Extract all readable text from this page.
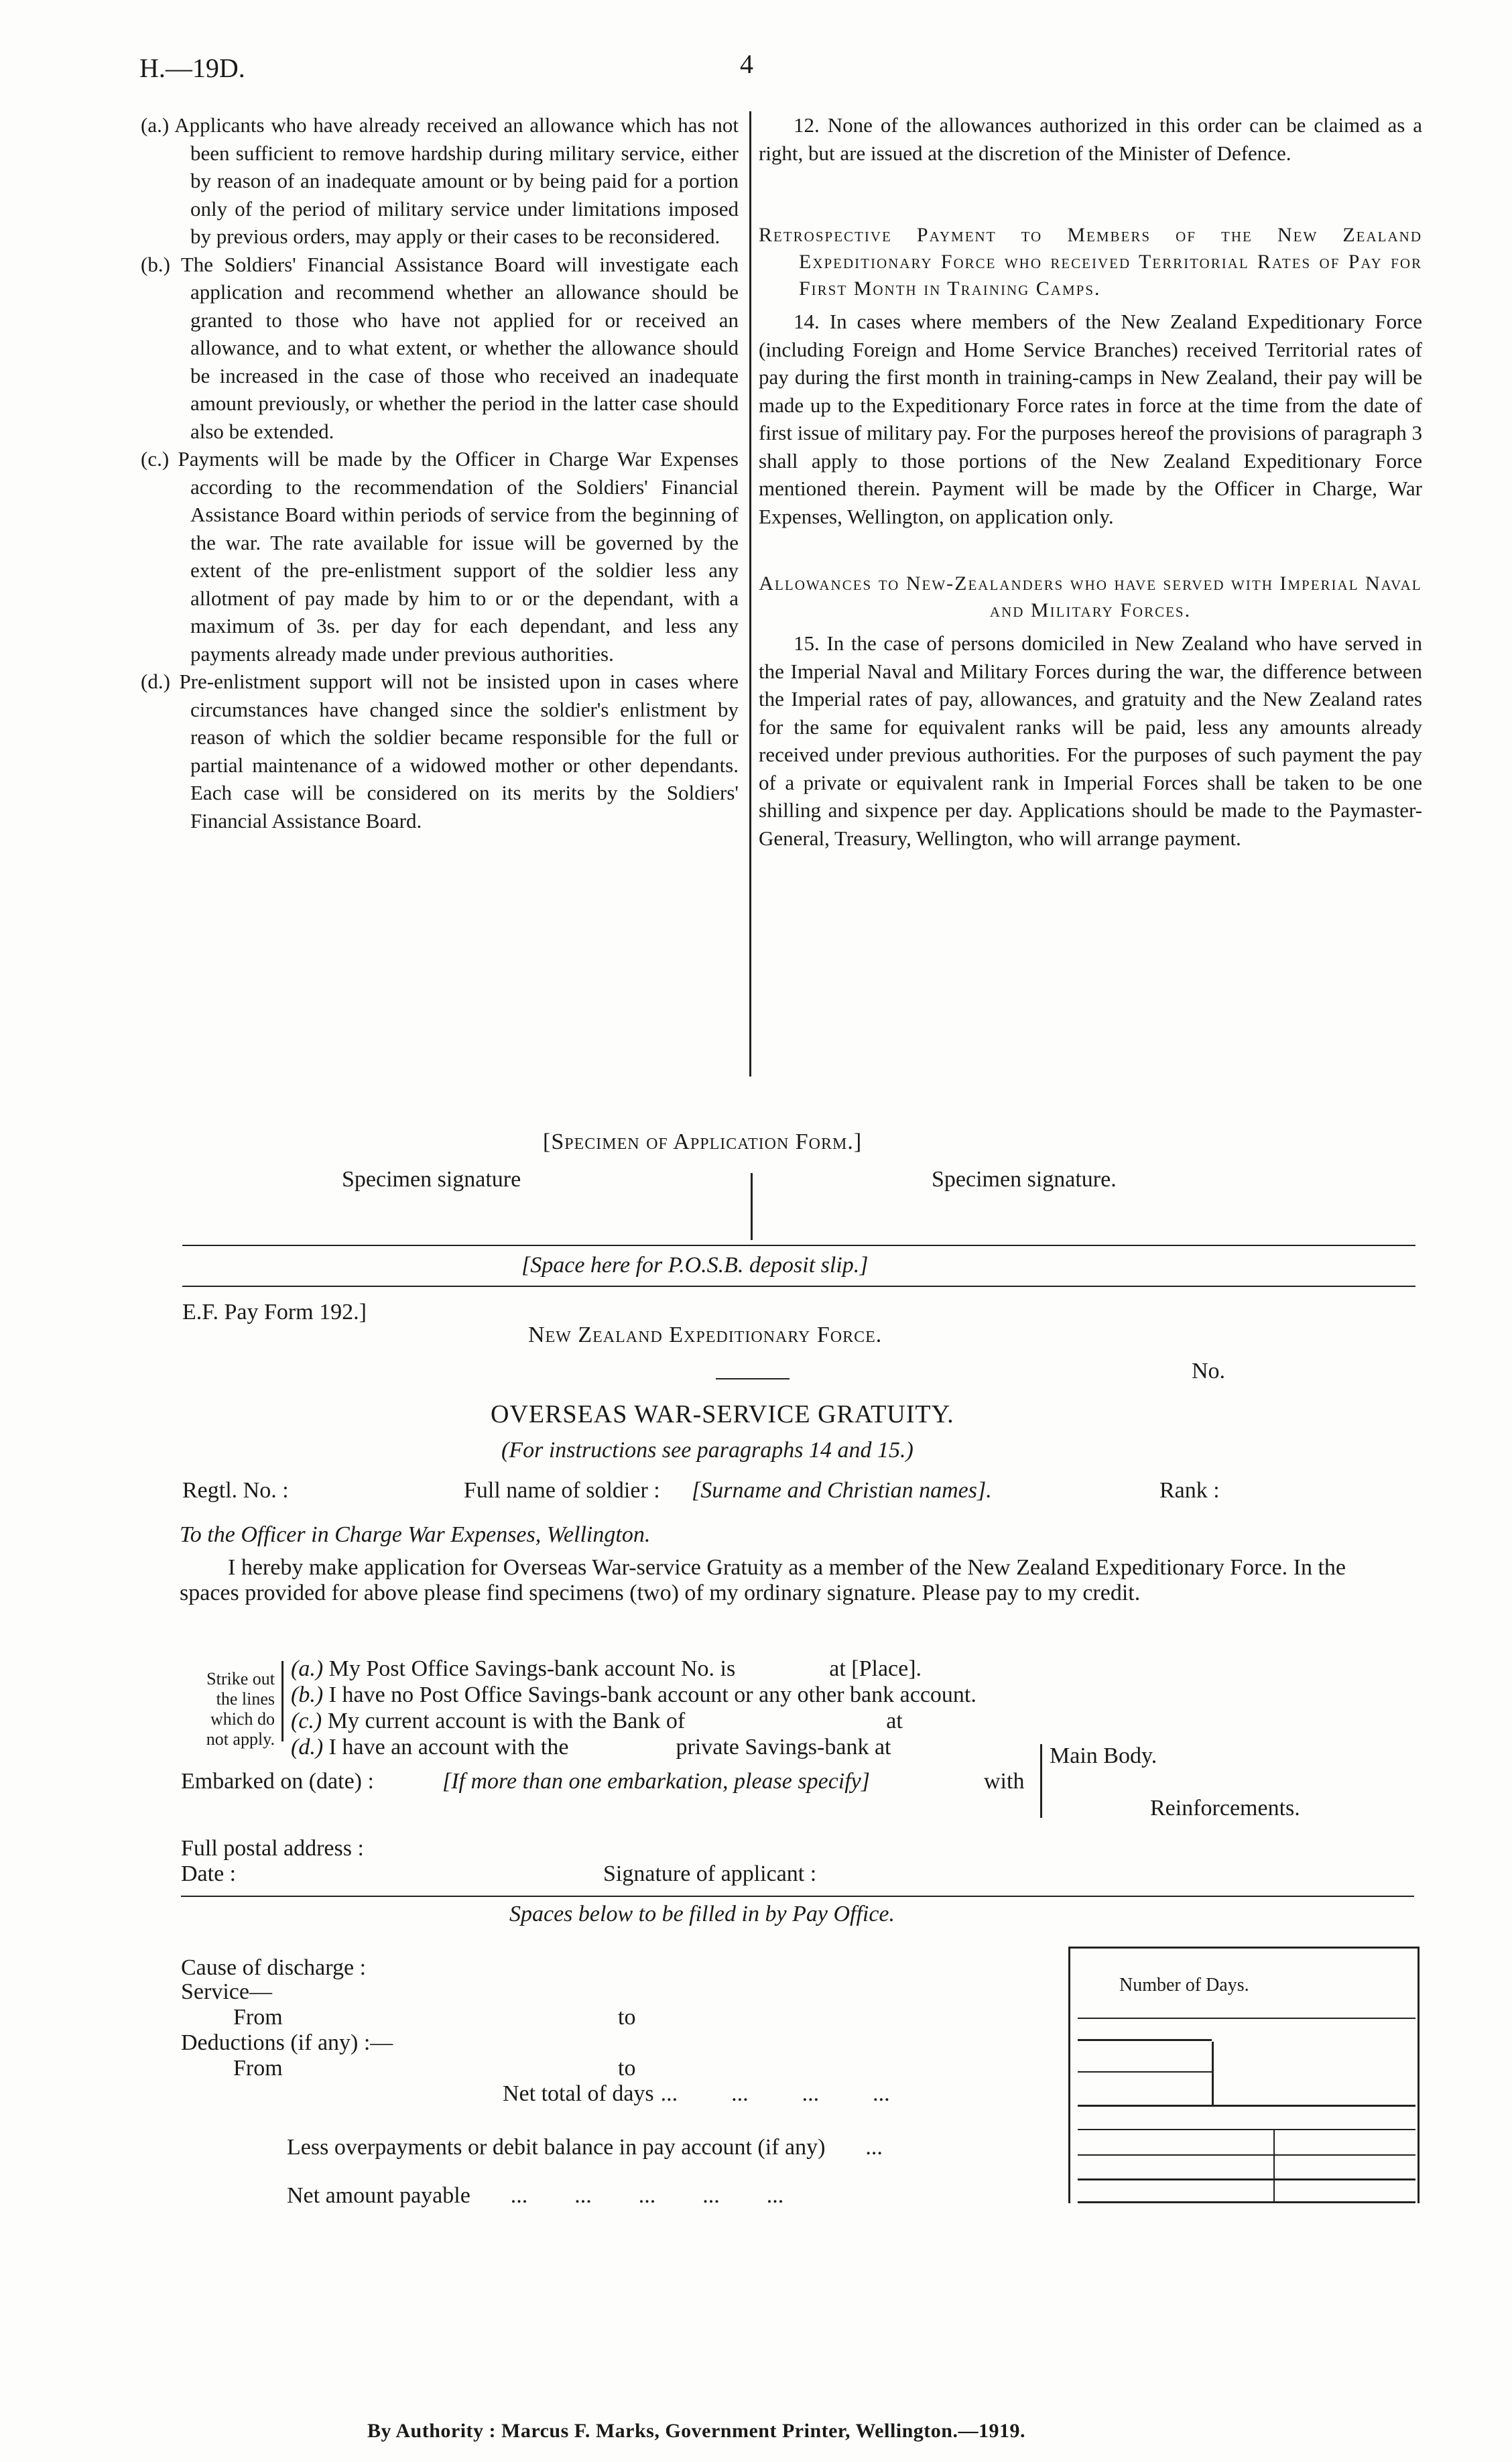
H.—19D.	4

(a.) Applicants who have already received an allowance which has not been sufficient to remove hardship during military service, either by reason of an inadequate amount or by being paid for a portion only of the period of military service under limitations imposed by previous orders, may apply or their cases to be reconsidered.

(b.) The Soldiers' Financial Assistance Board will investigate each application and recommend whether an allowance should be granted to those who have not applied for or received an allowance, and to what extent, or whether the allowance should be increased in the case of those who received an inadequate amount previously, or whether the period in the latter case should also be extended.

(c.) Payments will be made by the Officer in Charge War Expenses according to the recommendation of the Soldiers' Financial Assistance Board within periods of service from the beginning of the war. The rate available for issue will be governed by the extent of the pre-enlistment support of the soldier less any allotment of pay made by him to or or the dependant, with a maximum of 3s. per day for each dependant, and less any payments already made under previous authorities.

(d.) Pre-enlistment support will not be insisted upon in cases where circumstances have changed since the soldier's enlistment by reason of which the soldier became responsible for the full or partial maintenance of a widowed mother or other dependants. Each case will be considered on its merits by the Soldiers' Financial Assistance Board.

12. None of the allowances authorized in this order can be claimed as a right, but are issued at the discretion of the Minister of Defence.

Retrospective Payment to Members of the New Zealand Expeditionary Force who received Territorial Rates of Pay for First Month in Training Camps.

14. In cases where members of the New Zealand Expeditionary Force (including Foreign and Home Service Branches) received Territorial rates of pay during the first month in training-camps in New Zealand, their pay will be made up to the Expeditionary Force rates in force at the time from the date of first issue of military pay. For the purposes hereof the provisions of paragraph 3 shall apply to those portions of the New Zealand Expeditionary Force mentioned therein. Payment will be made by the Officer in Charge, War Expenses, Wellington, on application only.

Allowances to New-Zealanders who have served with Imperial Naval and Military Forces.

15. In the case of persons domiciled in New Zealand who have served in the Imperial Naval and Military Forces during the war, the difference between the Imperial rates of pay, allowances, and gratuity and the New Zealand rates for the same for equivalent ranks will be paid, less any amounts already received under previous authorities. For the purposes of such payment the pay of a private or equivalent rank in Imperial Forces shall be taken to be one shilling and sixpence per day. Applications should be made to the Paymaster-General, Treasury, Wellington, who will arrange payment.

[Specimen of Application Form.]
Specimen signature	Specimen signature.
[Space here for P.O.S.B. deposit slip.]
E.F. Pay Form 192.]
New Zealand Expeditionary Force.
No.
OVERSEAS WAR-SERVICE GRATUITY.
(For instructions see paragraphs 14 and 15.)
Regtl. No. :	Full name of soldier : [Surname and Christian names].	Rank :
To the Officer in Charge War Expenses, Wellington.
I hereby make application for Overseas War-service Gratuity as a member of the New Zealand Expeditionary Force. In the spaces provided for above please find specimens (two) of my ordinary signature. Please pay to my credit.
Strike out
the lines
which do
not apply.
(a.) My Post Office Savings-bank account No. is	at [Place].
(b.) I have no Post Office Savings-bank account or any other bank account.
(c.) My current account is with the Bank of	at
(d.) I have an account with the	private Savings-bank at
Embarked on (date) :	[If more than one embarkation, please specify]	with
Main Body.
Reinforcements.
Full postal address :
Date :	Signature of applicant :
Spaces below to be filled in by Pay Office.
Cause of discharge :
Service—
From	to
Deductions (if any) :—
From	to
Net total of days ... ... ... ...
Less overpayments or debit balance in pay account (if any) ...
Net amount payable ... ... ... ... ...
Number of Days.
By Authority : Marcus F. Marks, Government Printer, Wellington.—1919.
